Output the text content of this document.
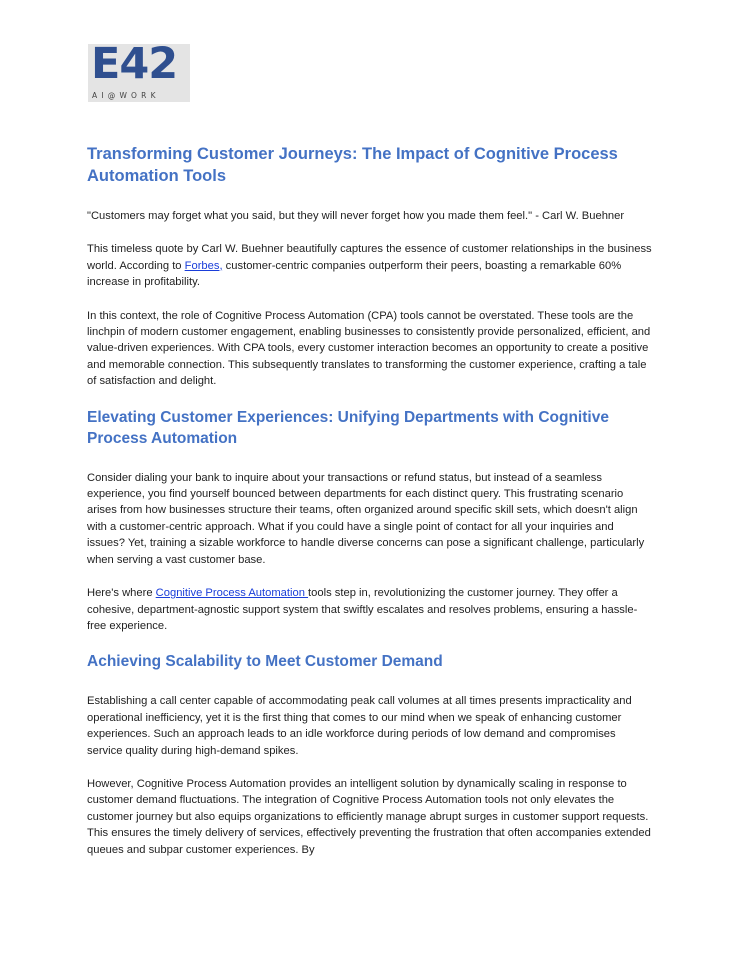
E42
AI@WORK
Transforming Customer Journeys: The Impact of Cognitive Process Automation Tools

"Customers may forget what you said, but they will never forget how you made them feel." - Carl W. Buehner

This timeless quote by Carl W. Buehner beautifully captures the essence of customer relationships in the business world. According to Forbes, customer-centric companies outperform their peers, boasting a remarkable 60% increase in profitability.

In this context, the role of Cognitive Process Automation (CPA) tools cannot be overstated. These tools are the linchpin of modern customer engagement, enabling businesses to consistently provide personalized, efficient, and value-driven experiences. With CPA tools, every customer interaction becomes an opportunity to create a positive and memorable connection. This subsequently translates to transforming the customer experience, crafting a tale of satisfaction and delight.

Elevating Customer Experiences: Unifying Departments with Cognitive Process Automation

Consider dialing your bank to inquire about your transactions or refund status, but instead of a seamless experience, you find yourself bounced between departments for each distinct query. This frustrating scenario arises from how businesses structure their teams, often organized around specific skill sets, which doesn't align with a customer-centric approach. What if you could have a single point of contact for all your inquiries and issues? Yet, training a sizable workforce to handle diverse concerns can pose a significant challenge, particularly when serving a vast customer base.

Here's where Cognitive Process Automation tools step in, revolutionizing the customer journey. They offer a cohesive, department-agnostic support system that swiftly escalates and resolves problems, ensuring a hassle-free experience.

Achieving Scalability to Meet Customer Demand

Establishing a call center capable of accommodating peak call volumes at all times presents impracticality and operational inefficiency, yet it is the first thing that comes to our mind when we speak of enhancing customer experiences. Such an approach leads to an idle workforce during periods of low demand and compromises service quality during high-demand spikes.

However, Cognitive Process Automation provides an intelligent solution by dynamically scaling in response to customer demand fluctuations. The integration of Cognitive Process Automation tools not only elevates the customer journey but also equips organizations to efficiently manage abrupt surges in customer support requests. This ensures the timely delivery of services, effectively preventing the frustration that often accompanies extended queues and subpar customer experiences. By
